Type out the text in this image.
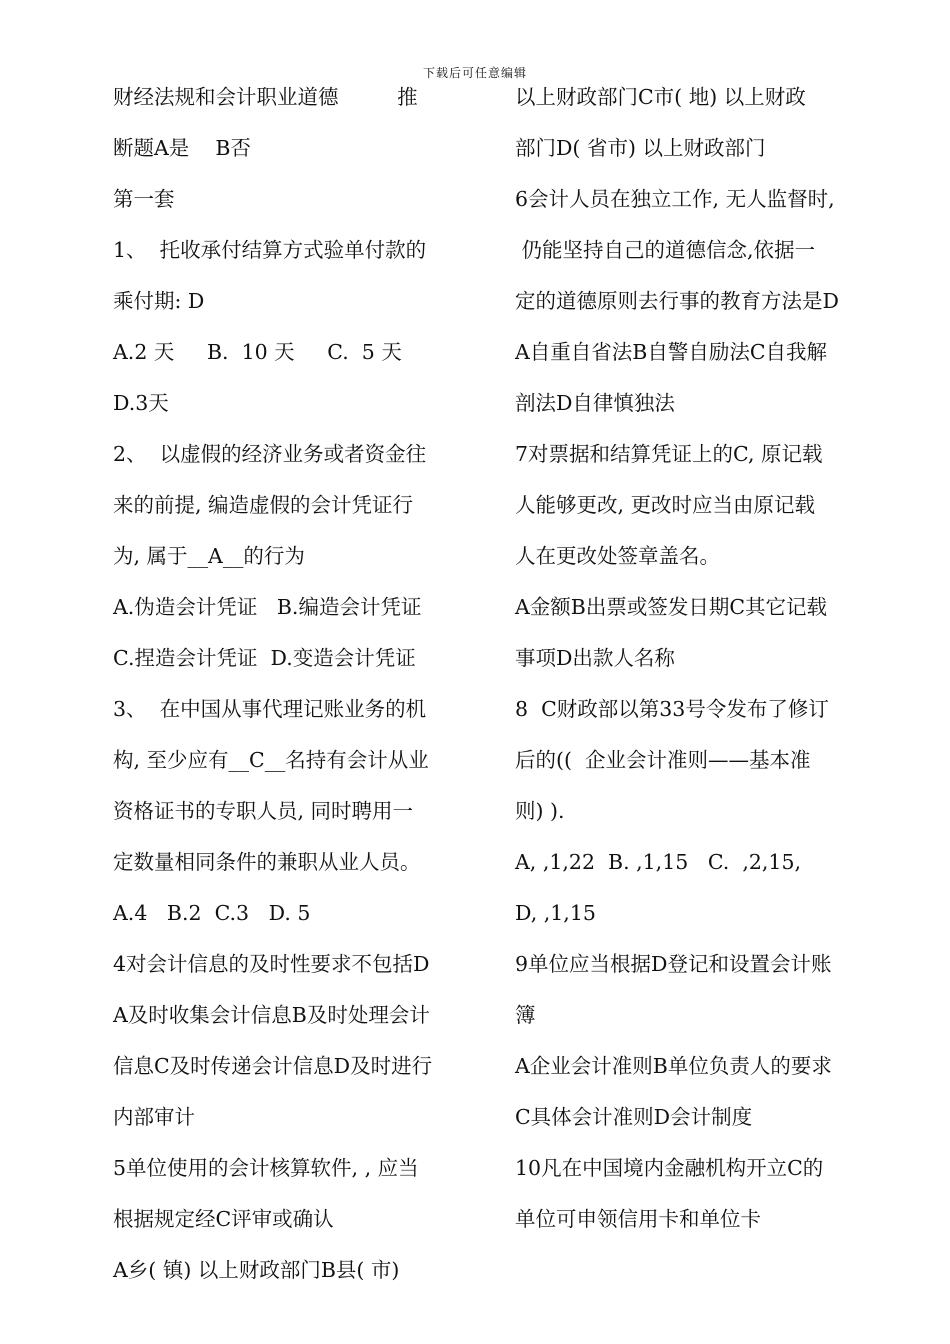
下载后可任意编辑
财经法规和会计职业道德         推
断题A是    B否
第一套
1、  托收承付结算方式验单付款的
乘付期: D
A.2 天     B.  10 天     C.  5 天
D.3天
2、  以虚假的经济业务或者资金往
来的前提, 编造虚假的会计凭证行
为, 属于__A__的行为
A.伪造会计凭证   B.编造会计凭证
C.捏造会计凭证  D.变造会计凭证
3、  在中国从事代理记账业务的机
构, 至少应有__C__名持有会计从业
资格证书的专职人员, 同时聘用一
定数量相同条件的兼职从业人员。
A.4   B.2  C.3   D. 5
4对会计信息的及时性要求不包括D
A及时收集会计信息B及时处理会计
信息C及时传递会计信息D及时进行
内部审计
5单位使用的会计核算软件, , 应当
根据规定经C评审或确认
A乡( 镇) 以上财政部门B县( 市)
以上财政部门C市( 地) 以上财政
部门D( 省市) 以上财政部门
6会计人员在独立工作, 无人监督时,
仍能坚持自己的道德信念,依据一
定的道德原则去行事的教育方法是D
A自重自省法B自警自励法C自我解
剖法D自律慎独法
7对票据和结算凭证上的C, 原记载
人能够更改, 更改时应当由原记载
人在更改处签章盖名。
A金额B出票或签发日期C其它记载
事项D出款人名称
8  C财政部以第33号令发布了修订
后的((  企业会计准则——基本准
则) ).
A, ,1,22  B. ,1,15   C.  ,2,15,
D, ,1,15
9单位应当根据D登记和设置会计账
簿
A企业会计准则B单位负责人的要求
C具体会计准则D会计制度
10凡在中国境内金融机构开立C的
单位可申领信用卡和单位卡
